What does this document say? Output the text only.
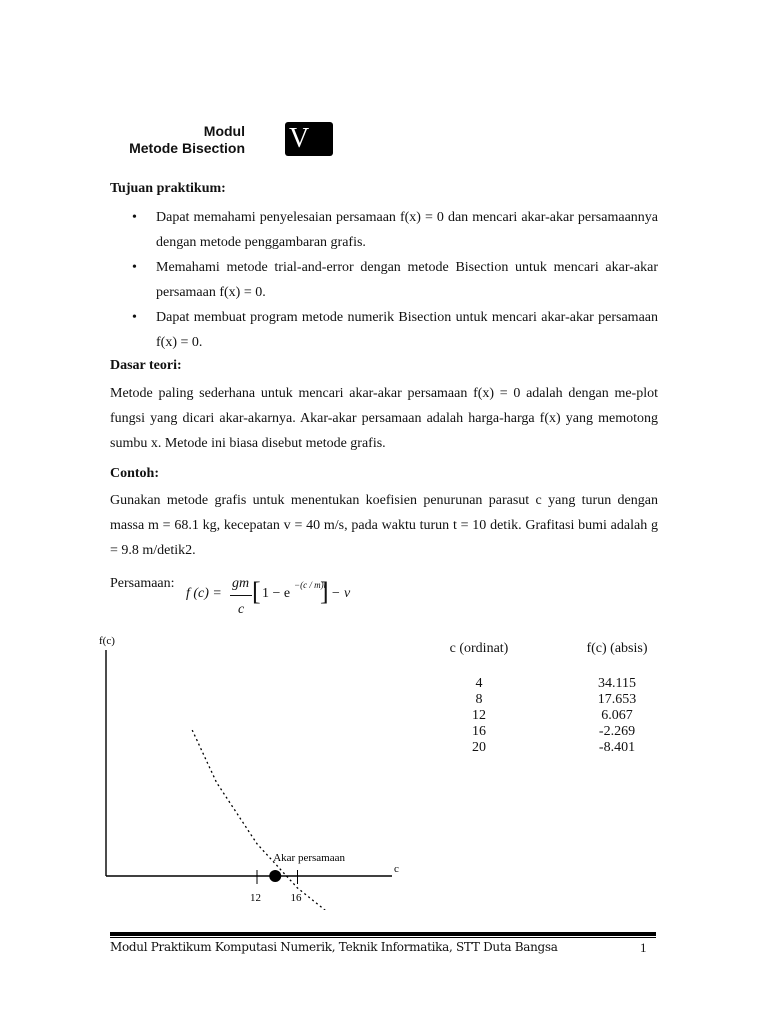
Modul
Metode Bisection V
Tujuan praktikum:
• Dapat memahami penyelesaian persamaan f(x) = 0 dan mencari akar-akar persamaannya dengan metode penggambaran grafis.
• Memahami metode trial-and-error dengan metode Bisection untuk mencari akar-akar persamaan f(x) = 0.
• Dapat membuat program metode numerik Bisection untuk mencari akar-akar persamaan f(x) = 0.
Dasar teori:
Metode paling sederhana untuk mencari akar-akar persamaan f(x) = 0 adalah dengan me-plot fungsi yang dicari akar-akarnya. Akar-akar persamaan adalah harga-harga f(x) yang memotong sumbu x. Metode ini biasa disebut metode grafis.
Contoh:
Gunakan metode grafis untuk menentukan koefisien penurunan parasut c yang turun dengan massa m = 68.1 kg, kecepatan v = 40 m/s, pada waktu turun t = 10 detik. Grafitasi bumi adalah g = 9.8 m/detik2.
Persamaan:
f (c) =
gm
c
[ 1 − e
−(c / m)t
] − v
f(c)
c
12	16
Akar persamaan
c (ordinat)		f(c) (absis)

4		34.115
8		17.653
12		6.067
16		-2.269
20		-8.401
Modul Praktikum Komputasi Numerik, Teknik Informatika, STT Duta Bangsa	1
